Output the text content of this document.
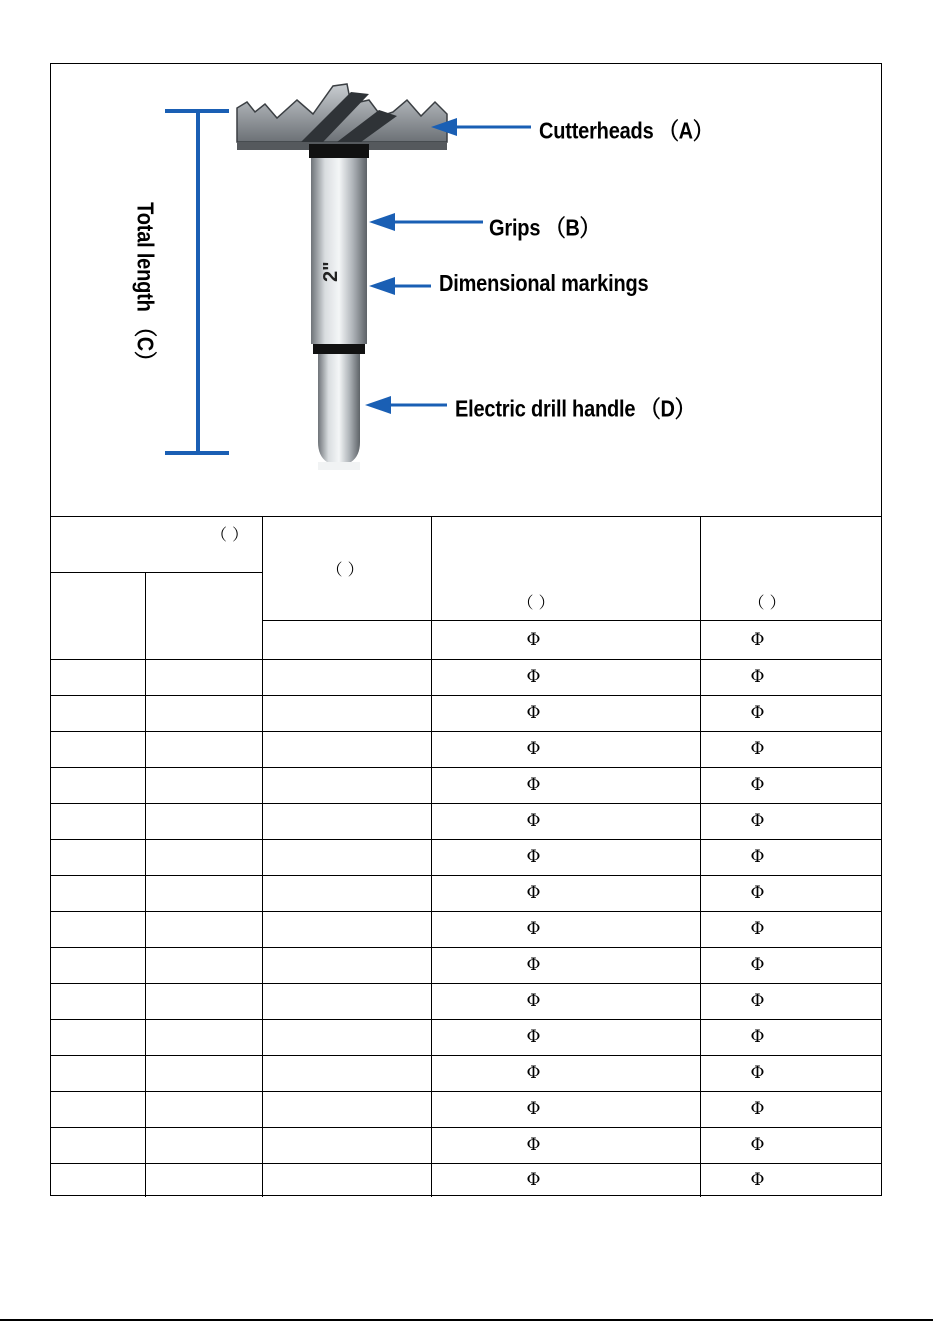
2"
Cutterheads （A）
Grips （B）
Dimensional markings
Electric drill handle （D）
Total length （C）
（ ）		（ ）	（ ）	（ ）

			Φ	Φ
			Φ	Φ
			Φ	Φ
			Φ	Φ
			Φ	Φ
			Φ	Φ
			Φ	Φ
			Φ	Φ
			Φ	Φ
			Φ	Φ
			Φ	Φ
			Φ	Φ
			Φ	Φ
			Φ	Φ
			Φ	Φ
			Φ	Φ
